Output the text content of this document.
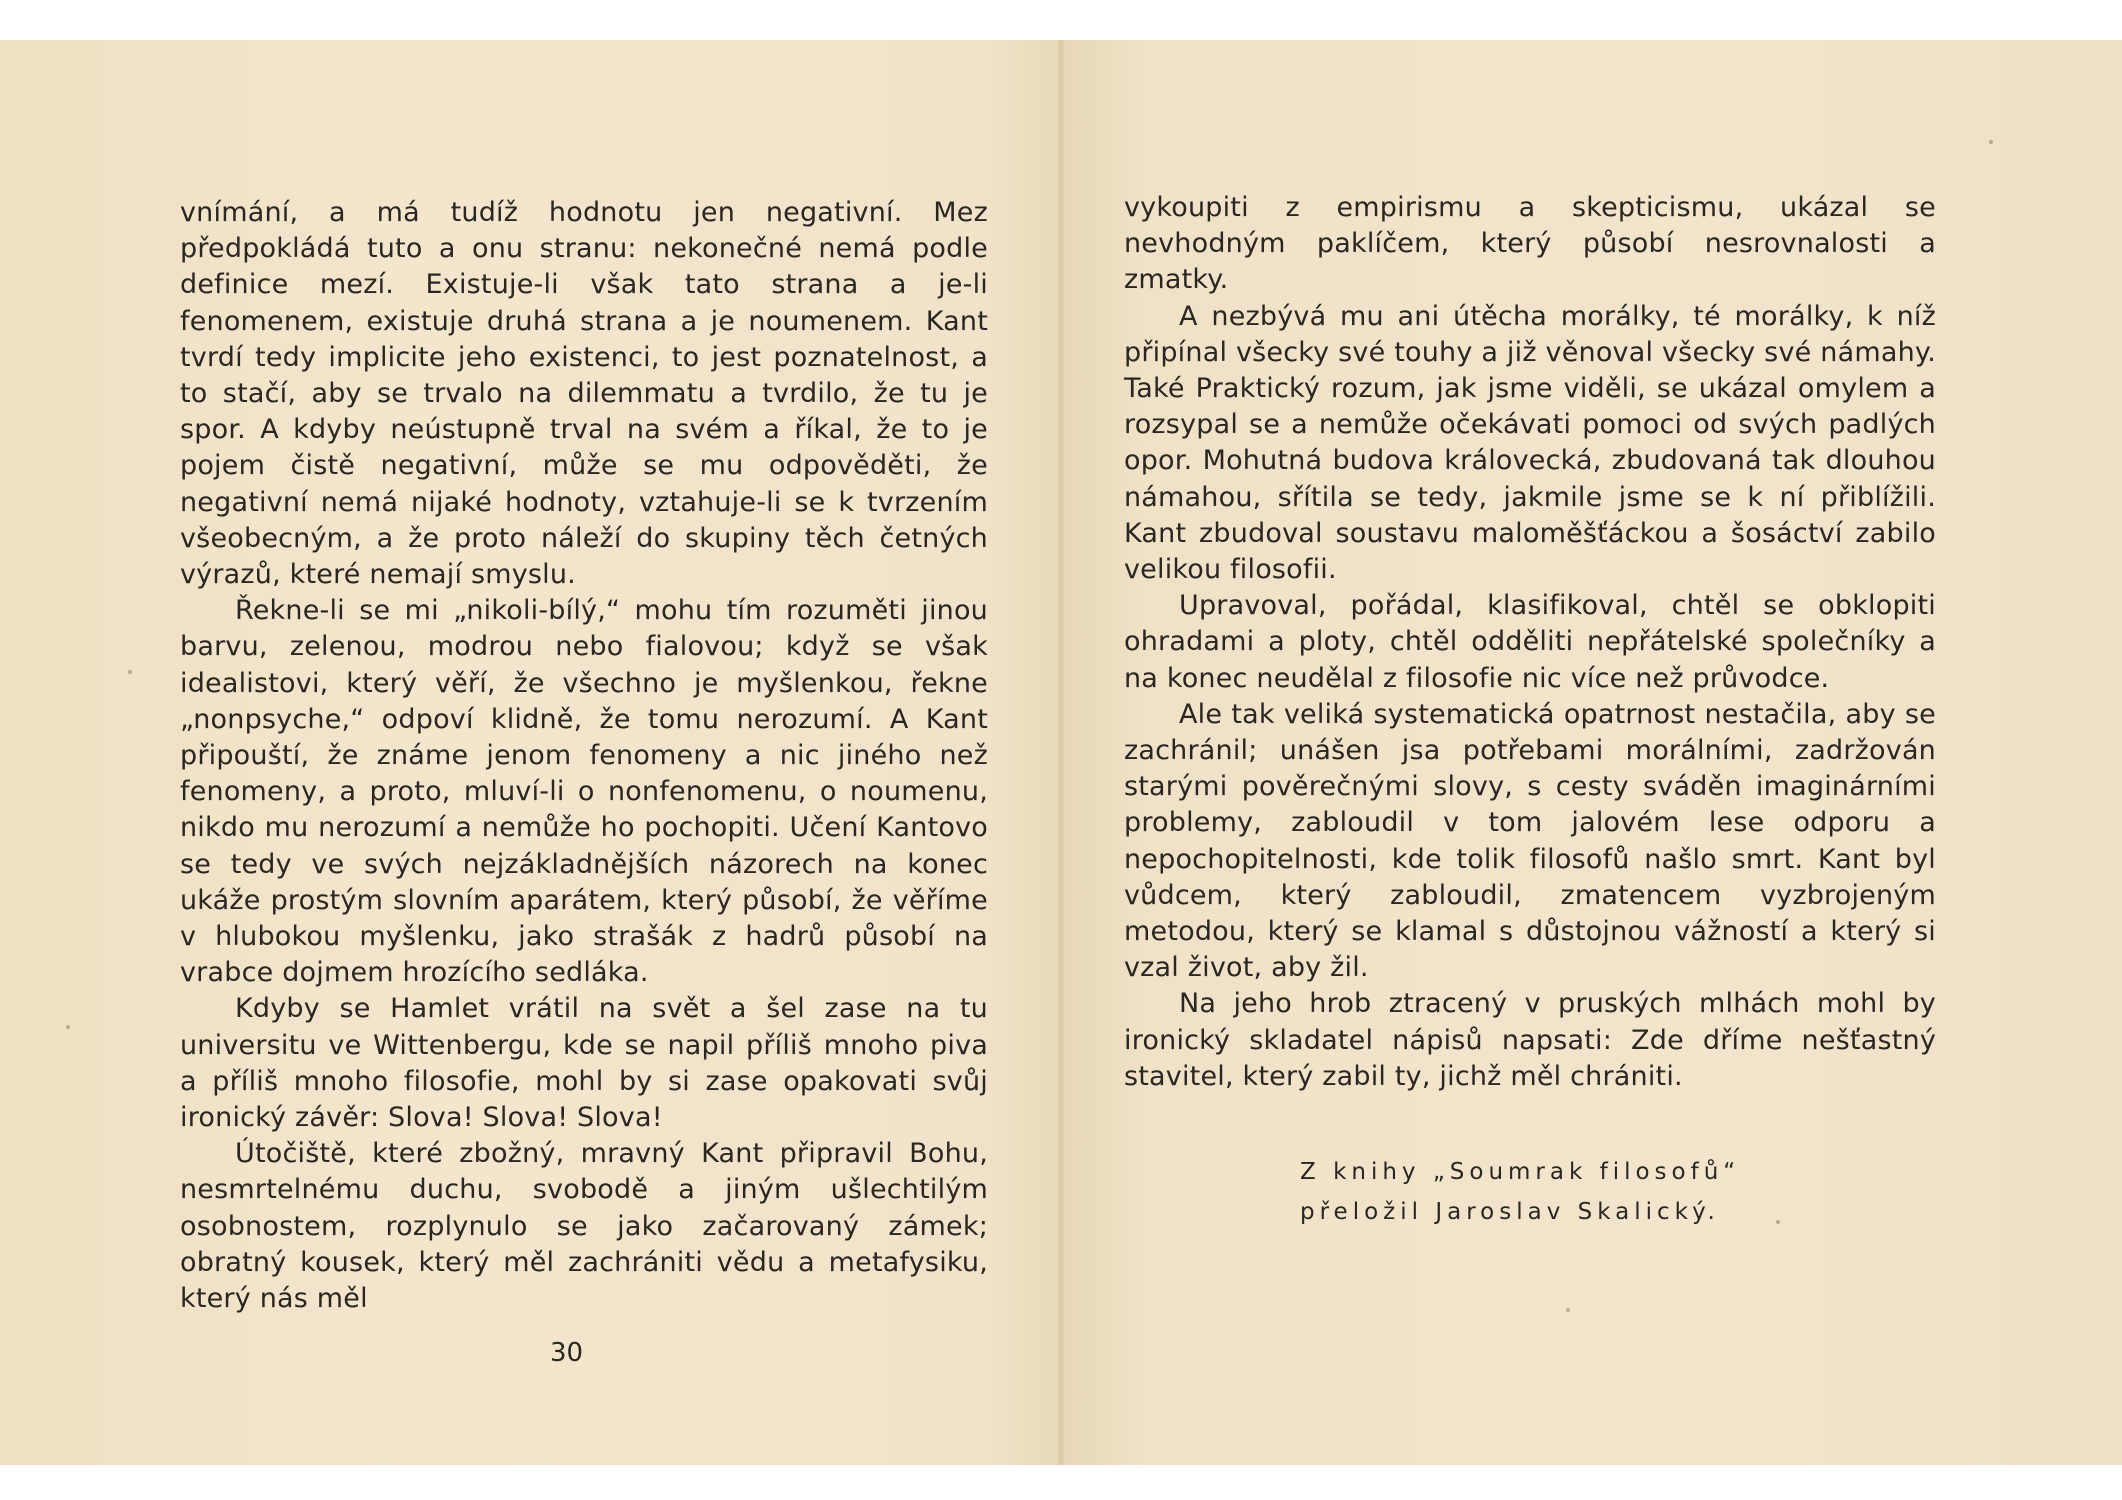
vnímání, a má tudíž hodnotu jen negativní. Mez předpokládá tuto a onu stranu: nekonečné nemá podle definice mezí. Existuje-li však tato strana a je-li fenomenem, existuje druhá strana a je noumenem. Kant tvrdí tedy implicite jeho existenci, to jest poznatelnost, a to stačí, aby se trvalo na dilemmatu a tvrdilo, že tu je spor. A kdyby neústupně trval na svém a říkal, že to je pojem čistě negativní, může se mu odpověděti, že negativní nemá nijaké hodnoty, vztahuje-li se k tvrzením všeobecným, a že proto náleží do skupiny těch četných výrazů, které nemají smyslu.

Řekne-li se mi „nikoli-bílý,“ mohu tím rozuměti jinou barvu, zelenou, modrou nebo fialovou; když se však idealistovi, který věří, že všechno je myšlenkou, řekne „nonpsyche,“ odpoví klidně, že tomu nerozumí. A Kant připouští, že známe jenom fenomeny a nic jiného než fenomeny, a proto, mluví-li o nonfenomenu, o noumenu, nikdo mu nerozumí a nemůže ho pochopiti. Učení Kantovo se tedy ve svých nejzákladnějších názorech na konec ukáže prostým slovním aparátem, který působí, že věříme v hlubokou myšlenku, jako strašák z hadrů působí na vrabce dojmem hrozícího sedláka.

Kdyby se Hamlet vrátil na svět a šel zase na tu universitu ve Wittenbergu, kde se napil příliš mnoho piva a příliš mnoho filosofie, mohl by si zase opakovati svůj ironický závěr: Slova! Slova! Slova!

Útočiště, které zbožný, mravný Kant připravil Bohu, nesmrtelnému duchu, svobodě a jiným ušlechtilým osobnostem, rozplynulo se jako začarovaný zámek; obratný kousek, který měl zachrániti vědu a metafysiku, který nás měl

30

vykoupiti z empirismu a skepticismu, ukázal se nevhodným paklíčem, který působí nesrovnalosti a zmatky.

A nezbývá mu ani útěcha morálky, té morálky, k níž připínal všecky své touhy a již věnoval všecky své námahy. Také Praktický rozum, jak jsme viděli, se ukázal omylem a rozsypal se a nemůže očekávati pomoci od svých padlých opor. Mohutná budova královecká, zbudovaná tak dlouhou námahou, sřítila se tedy, jakmile jsme se k ní přiblížili. Kant zbudoval soustavu maloměšťáckou a šosáctví zabilo velikou filosofii.

Upravoval, pořádal, klasifikoval, chtěl se obklopiti ohradami a ploty, chtěl odděliti nepřátelské společníky a na konec neudělal z filosofie nic více než průvodce.

Ale tak veliká systematická opatrnost nestačila, aby se zachránil; unášen jsa potřebami morálními, zadržován starými pověrečnými slovy, s cesty sváděn imaginárními problemy, zabloudil v tom jalovém lese odporu a nepochopitelnosti, kde tolik filosofů našlo smrt. Kant byl vůdcem, který zabloudil, zmatencem vyzbrojeným metodou, který se klamal s důstojnou vážností a který si vzal život, aby žil.

Na jeho hrob ztracený v pruských mlhách mohl by ironický skladatel nápisů napsati: Zde dříme nešťastný stavitel, který zabil ty, jichž měl chrániti.

Z knihy „Soumrak filosofů“
přeložil Jaroslav Skalický.
